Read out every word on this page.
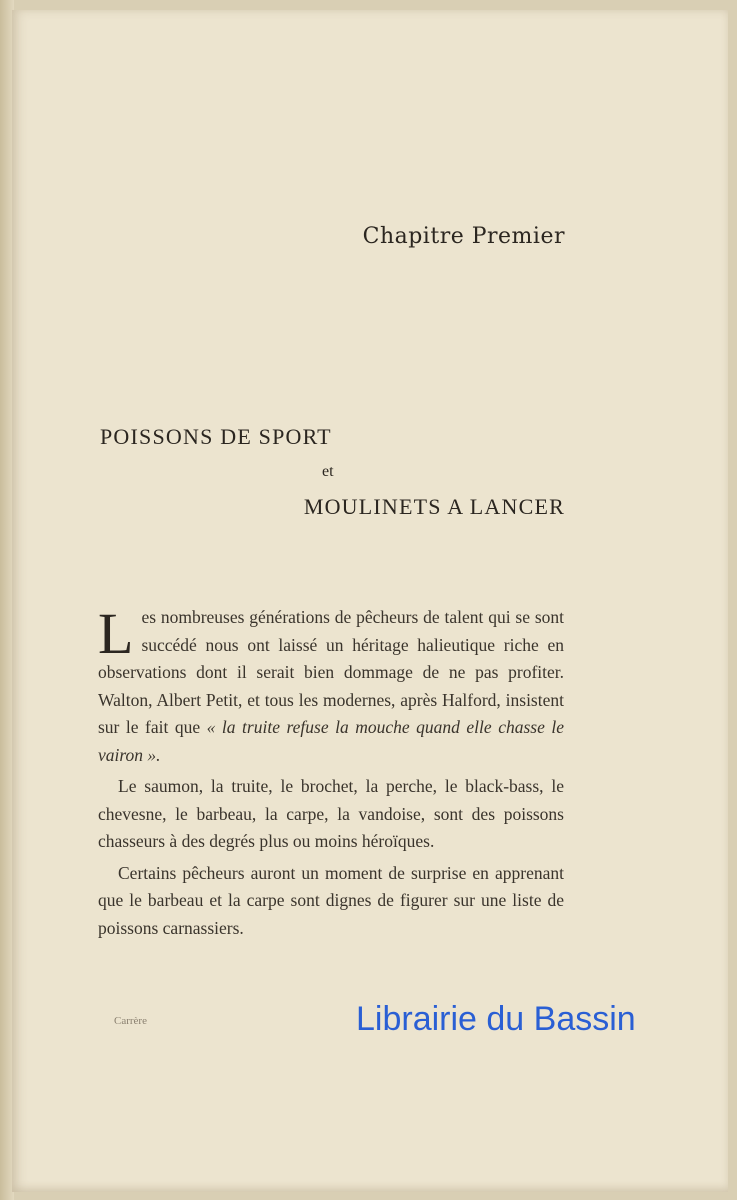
Chapitre Premier
POISSONS DE SPORT
et
MOULINETS A LANCER

Les nombreuses générations de pêcheurs de talent qui se sont succédé nous ont laissé un héritage halieutique riche en observations dont il serait bien dommage de ne pas profiter. Walton, Albert Petit, et tous les modernes, après Halford, insistent sur le fait que « la truite refuse la mouche quand elle chasse le vairon ».

Le saumon, la truite, le brochet, la perche, le black-bass, le chevesne, le barbeau, la carpe, la vandoise, sont des poissons chasseurs à des degrés plus ou moins héroïques.

Certains pêcheurs auront un moment de surprise en apprenant que le barbeau et la carpe sont dignes de figurer sur une liste de poissons carnassiers.

Carrère	Librairie du Bassin
